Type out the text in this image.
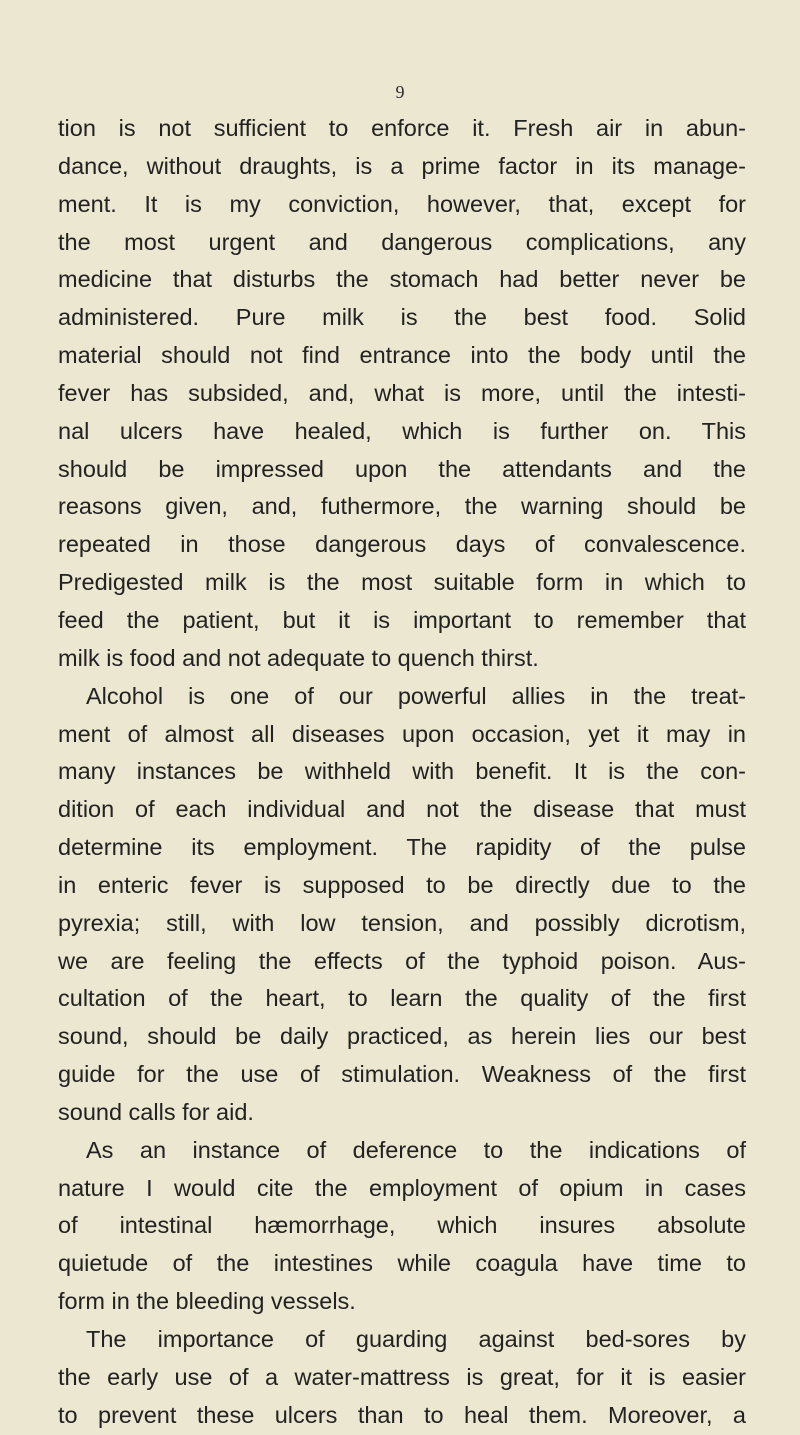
9
tion is not sufficient to enforce it. Fresh air in abun-
dance, without draughts, is a prime factor in its manage-
ment. It is my conviction, however, that, except for
the most urgent and dangerous complications, any
medicine that disturbs the stomach had better never be
administered. Pure milk is the best food. Solid
material should not find entrance into the body until the
fever has subsided, and, what is more, until the intesti-
nal ulcers have healed, which is further on. This
should be impressed upon the attendants and the
reasons given, and, futhermore, the warning should be
repeated in those dangerous days of convalescence.
Predigested milk is the most suitable form in which to
feed the patient, but it is important to remember that
milk is food and not adequate to quench thirst.
Alcohol is one of our powerful allies in the treat-
ment of almost all diseases upon occasion, yet it may in
many instances be withheld with benefit. It is the con-
dition of each individual and not the disease that must
determine its employment. The rapidity of the pulse
in enteric fever is supposed to be directly due to the
pyrexia; still, with low tension, and possibly dicrotism,
we are feeling the effects of the typhoid poison. Aus-
cultation of the heart, to learn the quality of the first
sound, should be daily practiced, as herein lies our best
guide for the use of stimulation. Weakness of the first
sound calls for aid.
As an instance of deference to the indications of
nature I would cite the employment of opium in cases
of intestinal hæmorrhage, which insures absolute
quietude of the intestines while coagula have time to
form in the bleeding vessels.
The importance of guarding against bed-sores by
the early use of a water-mattress is great, for it is easier
to prevent these ulcers than to heal them. Moreover, a
